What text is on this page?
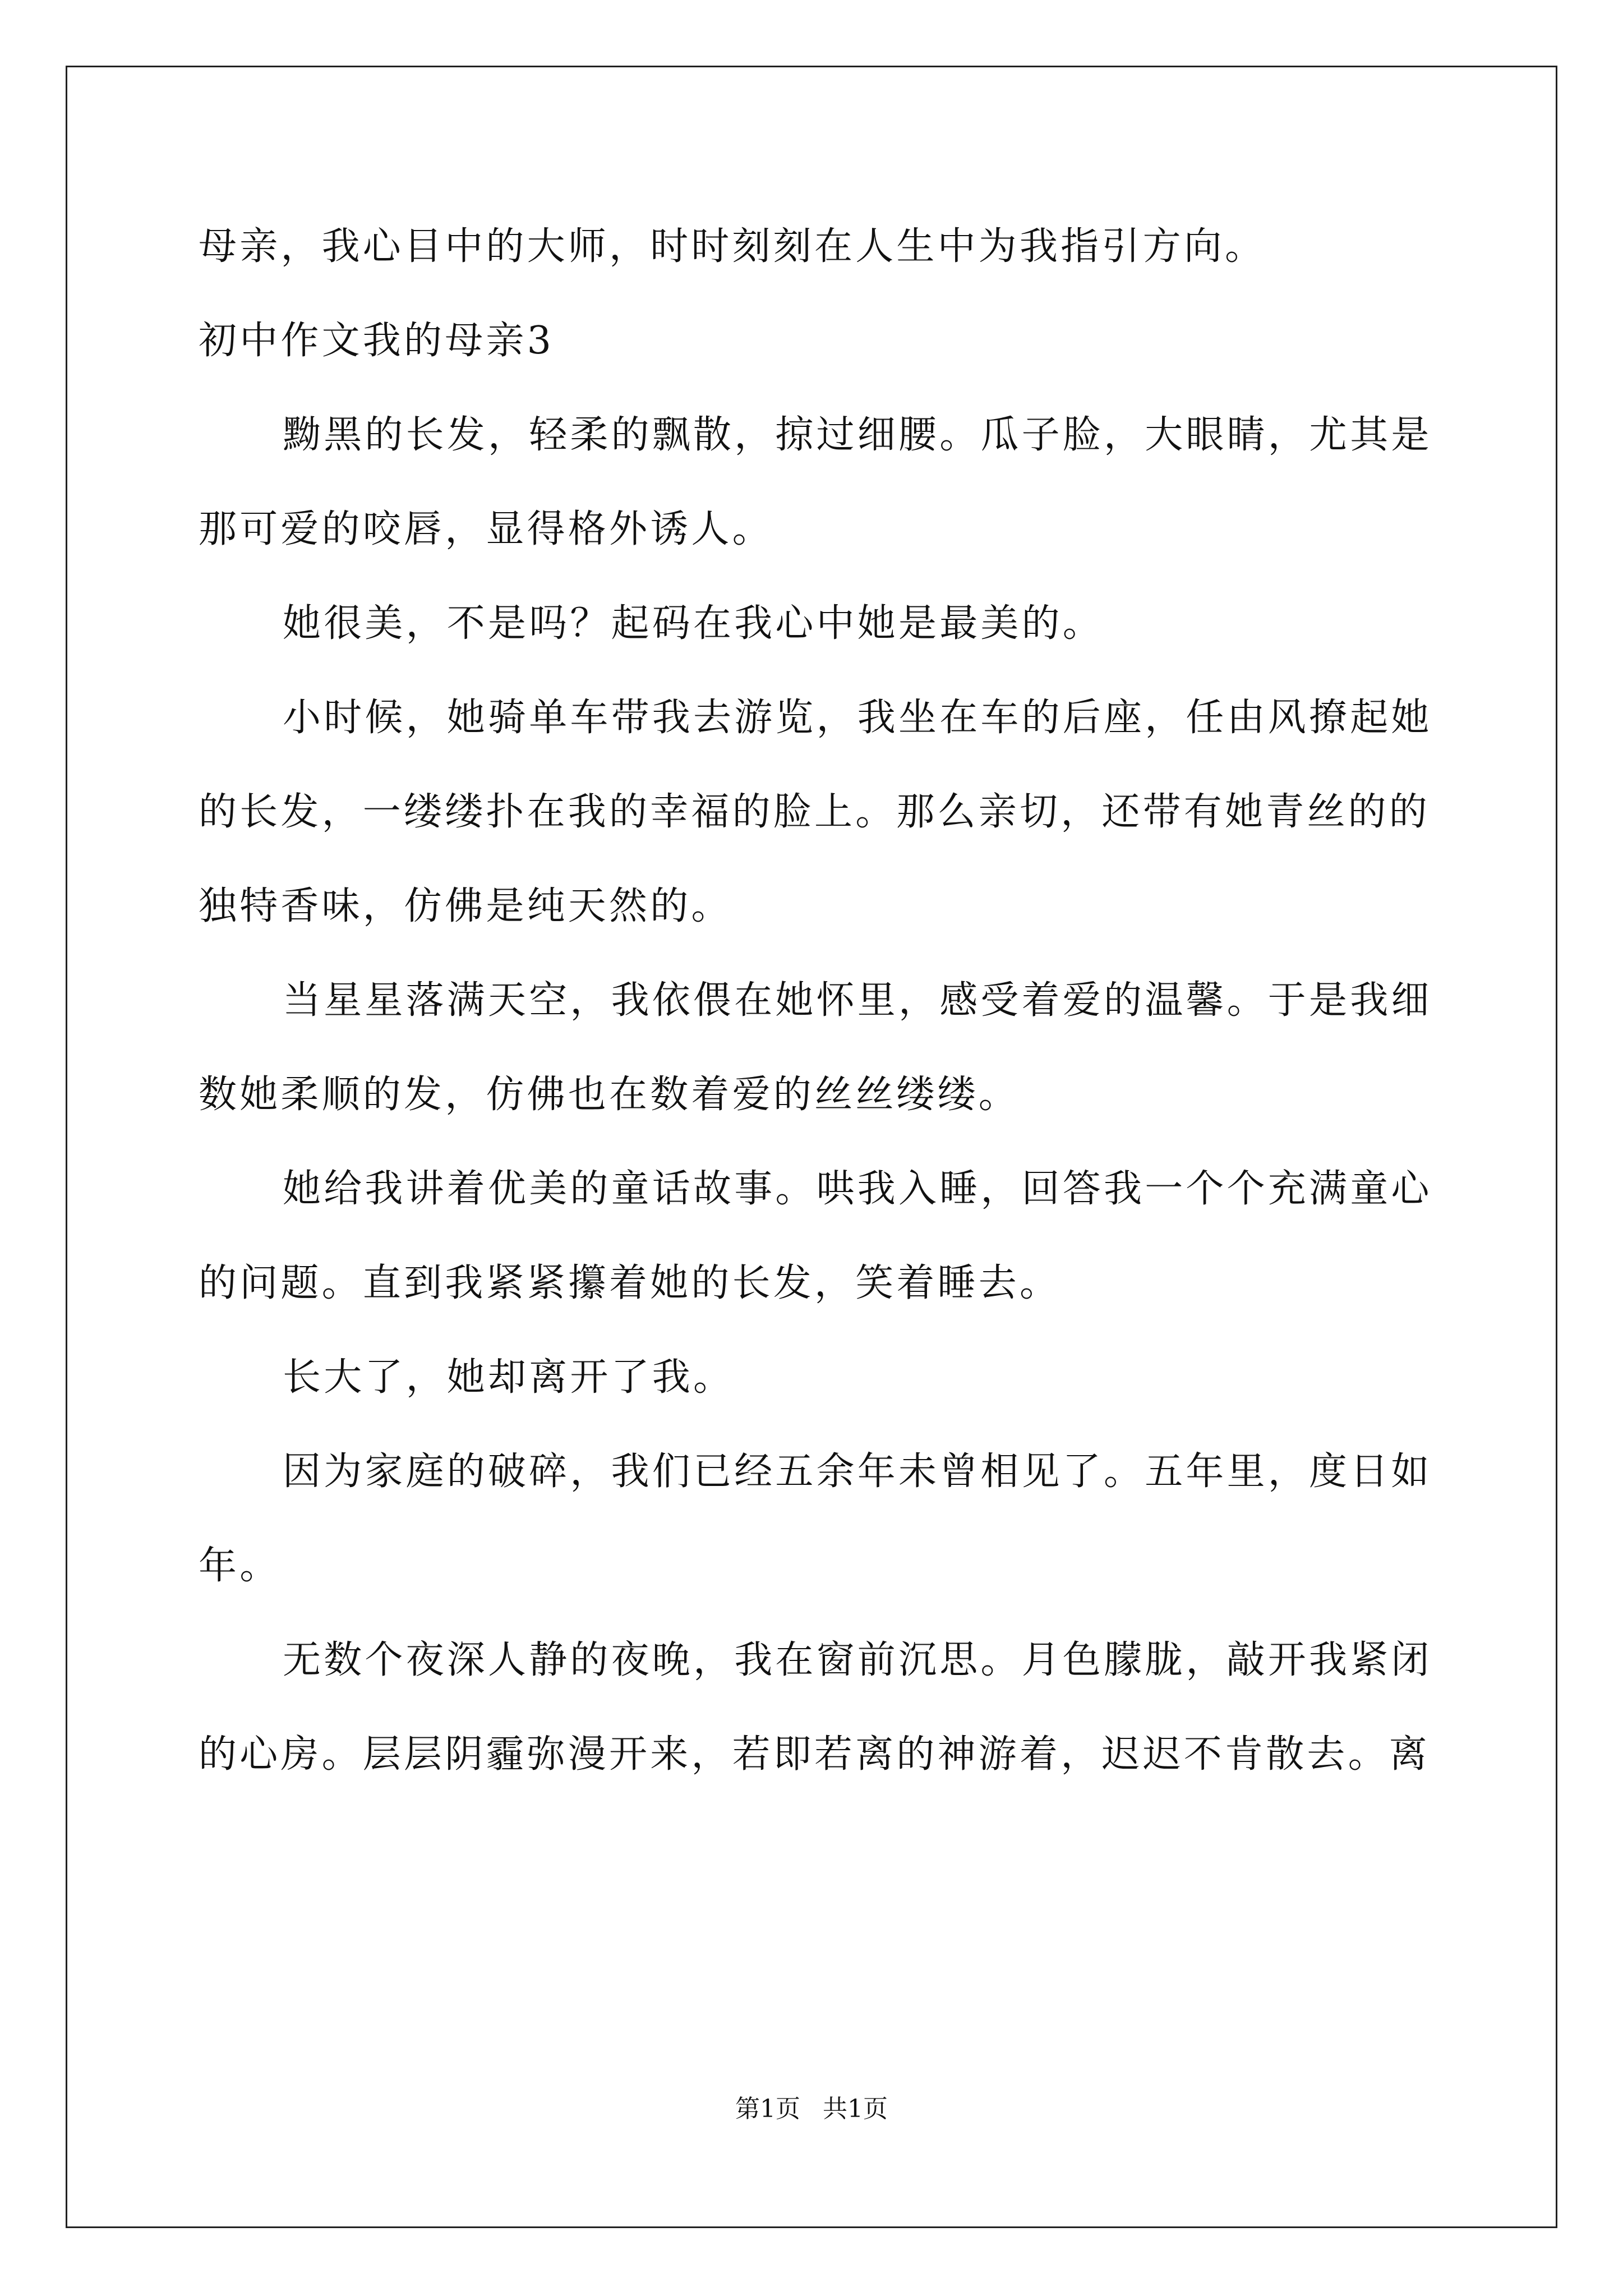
母亲，我心目中的大师，时时刻刻在人生中为我指引方向。
初中作文我的母亲3
黝黑的长发，轻柔的飘散，掠过细腰。瓜子脸，大眼睛，尤其是
那可爱的咬唇，显得格外诱人。
她很美，不是吗？起码在我心中她是最美的。
小时候，她骑单车带我去游览，我坐在车的后座，任由风撩起她
的长发，一缕缕扑在我的幸福的脸上。那么亲切，还带有她青丝的的
独特香味，仿佛是纯天然的。
当星星落满天空，我依偎在她怀里，感受着爱的温馨。于是我细
数她柔顺的发，仿佛也在数着爱的丝丝缕缕。
她给我讲着优美的童话故事。哄我入睡，回答我一个个充满童心
的问题。直到我紧紧攥着她的长发，笑着睡去。
长大了，她却离开了我。
因为家庭的破碎，我们已经五余年未曾相见了。五年里，度日如
年。
无数个夜深人静的夜晚，我在窗前沉思。月色朦胧，敲开我紧闭
的心房。层层阴霾弥漫开来，若即若离的神游着，迟迟不肯散去。离
第1页 共1页
